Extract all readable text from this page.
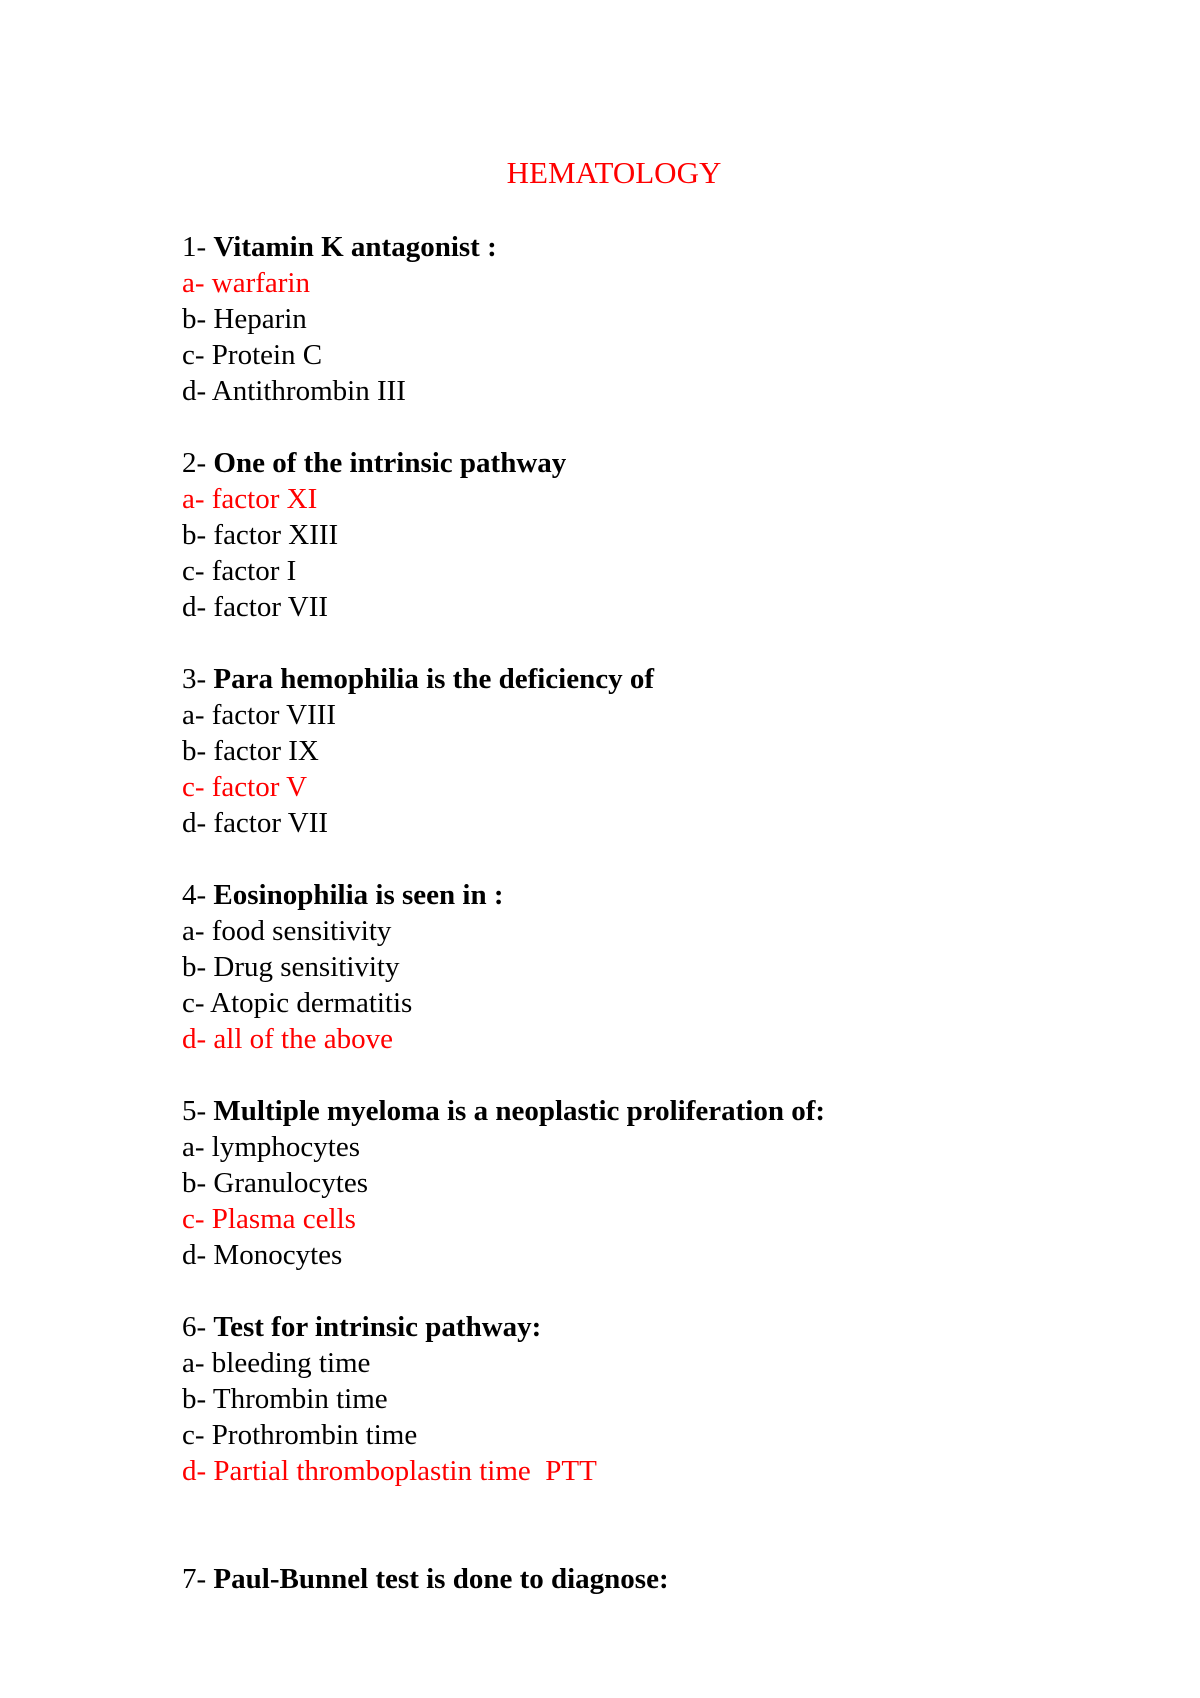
HEMATOLOGY

1- Vitamin K antagonist :

a- warfarin

b- Heparin

c- Protein C

d- Antithrombin III

2- One of the intrinsic pathway

a- factor XI

b- factor XIII

c- factor I

d- factor VII

3- Para hemophilia is the deficiency of

a- factor VIII

b- factor IX

c- factor V

d- factor VII

4- Eosinophilia is seen in :

a- food sensitivity

b- Drug sensitivity

c- Atopic dermatitis

d- all of the above

5- Multiple myeloma is a neoplastic proliferation of:

a- lymphocytes

b- Granulocytes

c- Plasma cells

d- Monocytes

6- Test for intrinsic pathway:

a- bleeding time

b- Thrombin time

c- Prothrombin time

d- Partial thromboplastin time  PTT

7- Paul-Bunnel test is done to diagnose:
